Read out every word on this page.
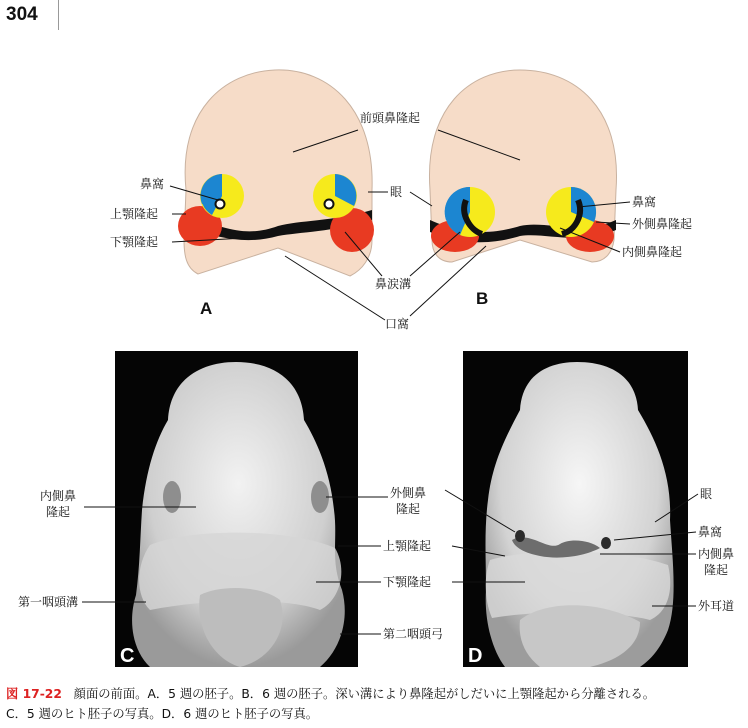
304
前頭鼻隆起
鼻窩
上顎隆起
下顎隆起
眼
鼻涙溝
口窩
鼻窩
外側鼻隆起
内側鼻隆起
A
B
C
内側鼻
隆起
第一咽頭溝
外側鼻
隆起
上顎隆起
下顎隆起
第二咽頭弓
D
眼
鼻窩
内側鼻
隆起
外耳道
図 17-22 顔面の前面。A．5 週の胚子。B．6 週の胚子。深い溝により鼻隆起がしだいに上顎隆起から分離される。
C．5 週のヒト胚子の写真。D．6 週のヒト胚子の写真。
